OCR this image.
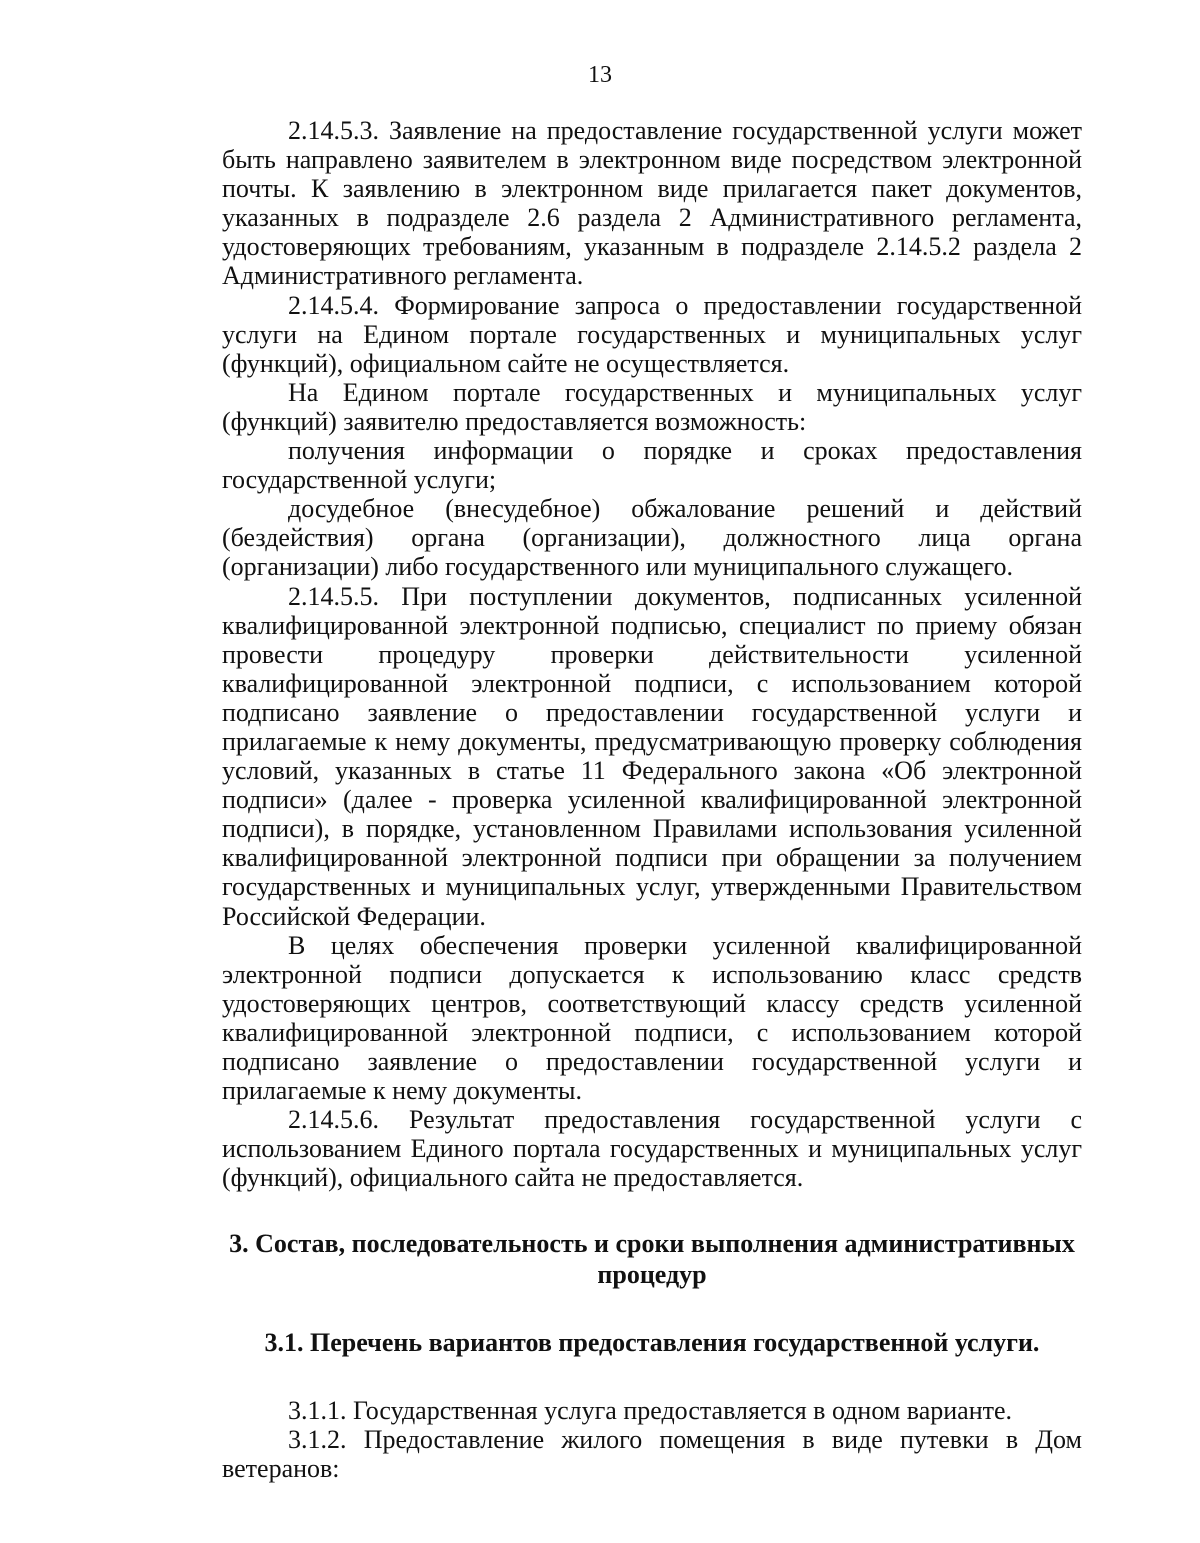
13

2.14.5.3. Заявление на предоставление государственной услуги может быть направлено заявителем в электронном виде посредством электронной почты. К заявлению в электронном виде прилагается пакет документов, указанных в подразделе 2.6 раздела 2 Административного регламента, удостоверяющих требованиям, указанным в подразделе 2.14.5.2 раздела 2 Административного регламента.

2.14.5.4. Формирование запроса о предоставлении государственной услуги на Едином портале государственных и муниципальных услуг (функций), официальном сайте не осуществляется.

На Едином портале государственных и муниципальных услуг (функций) заявителю предоставляется возможность:

получения информации о порядке и сроках предоставления государственной услуги;

досудебное (внесудебное) обжалование решений и действий (бездействия) органа (организации), должностного лица органа (организации) либо государственного или муниципального служащего.

2.14.5.5. При поступлении документов, подписанных усиленной квалифицированной электронной подписью, специалист по приему обязан провести процедуру проверки действительности усиленной квалифицированной электронной подписи, с использованием которой подписано заявление о предоставлении государственной услуги и прилагаемые к нему документы, предусматривающую проверку соблюдения условий, указанных в статье 11 Федерального закона «Об электронной подписи» (далее - проверка усиленной квалифицированной электронной подписи), в порядке, установленном Правилами использования усиленной квалифицированной электронной подписи при обращении за получением государственных и муниципальных услуг, утвержденными Правительством Российской Федерации.

В целях обеспечения проверки усиленной квалифицированной электронной подписи допускается к использованию класс средств удостоверяющих центров, соответствующий классу средств усиленной квалифицированной электронной подписи, с использованием которой подписано заявление о предоставлении государственной услуги и прилагаемые к нему документы.

2.14.5.6. Результат предоставления государственной услуги с использованием Единого портала государственных и муниципальных услуг (функций), официального сайта не предоставляется.

3. Состав, последовательность и сроки выполнения административных
процедур

3.1. Перечень вариантов предоставления государственной услуги.

3.1.1. Государственная услуга предоставляется в одном варианте.

3.1.2. Предоставление жилого помещения в виде путевки в Дом ветеранов:
